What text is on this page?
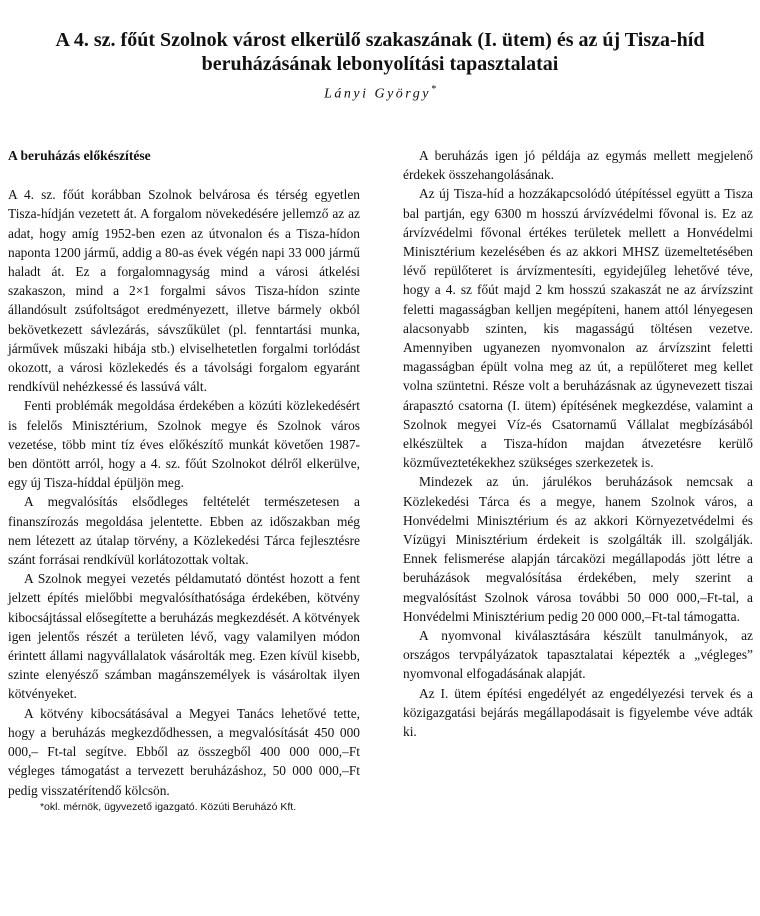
A 4. sz. főút Szolnok várost elkerülő szakaszának (I. ütem) és az új Tisza-híd beruházásának lebonyolítási tapasztalatai
Lányi György*
A beruházás előkészítése

A 4. sz. főút korábban Szolnok belvárosa és térség egyetlen Tisza-hídján vezetett át. A forgalom növekedésére jellemző az az adat, hogy amíg 1952-ben ezen az útvonalon és a Tisza-hídon naponta 1200 jármű, addig a 80-as évek végén napi 33 000 jármű haladt át. Ez a forgalomnagyság mind a városi átkelési szakaszon, mind a 2×1 forgalmi sávos Tisza-hídon szinte állandósult zsúfoltságot eredményezett, illetve bármely okból bekövetkezett sávlezárás, sávszűkület (pl. fenntartási munka, járművek műszaki hibája stb.) elviselhetetlen forgalmi torlódást okozott, a városi közlekedés és a távolsági forgalom egyaránt rendkívül nehézkessé és lassúvá vált.

Fenti problémák megoldása érdekében a közúti közlekedésért is felelős Minisztérium, Szolnok megye és Szolnok város vezetése, több mint tíz éves előkészítő munkát követően 1987-ben döntött arról, hogy a 4. sz. főút Szolnokot délről elkerülve, egy új Tisza-híddal épüljön meg.

A megvalósítás elsődleges feltételét természetesen a finanszírozás megoldása jelentette. Ebben az időszakban még nem létezett az útalap törvény, a Közlekedési Tárca fejlesztésre szánt forrásai rendkívül korlátozottak voltak.

A Szolnok megyei vezetés példamutató döntést hozott a fent jelzett építés mielőbbi megvalósíthatósága érdekében, kötvény kibocsájtással elősegítette a beruházás megkezdését. A kötvények igen jelentős részét a területen lévő, vagy valamilyen módon érintett állami nagyvállalatok vásárolták meg. Ezen kívül kisebb, szinte elenyésző számban magánszemélyek is vásároltak ilyen kötvényeket.

A kötvény kibocsátásával a Megyei Tanács lehetővé tette, hogy a beruházás megkezdődhessen, a megvalósítását 450 000 000,– Ft-tal segítve. Ebből az összegből 400 000 000,–Ft végleges támogatást a tervezett beruházáshoz, 50 000 000,–Ft pedig visszatérítendő kölcsön.

*okl. mérnök, ügyvezető igazgató. Közúti Beruházó Kft.

A beruházás igen jó példája az egymás mellett megjelenő érdekek összehangolásának.

Az új Tisza-híd a hozzákapcsolódó útépítéssel együtt a Tisza bal partján, egy 6300 m hosszú árvízvédelmi fővonal is. Ez az árvízvédelmi fővonal értékes területek mellett a Honvédelmi Minisztérium kezelésében és az akkori MHSZ üzemeltetésében lévő repülőteret is árvízmentesíti, egyidejűleg lehetővé téve, hogy a 4. sz főút majd 2 km hosszú szakaszát ne az árvízszint feletti magasságban kelljen megépíteni, hanem attól lényegesen alacsonyabb szinten, kis magasságú töltésen vezetve. Amennyiben ugyanezen nyomvonalon az árvízszint feletti magasságban épült volna meg az út, a repülőteret meg kellet volna szüntetni. Része volt a beruházásnak az úgynevezett tiszai árapasztó csatorna (I. ütem) építésének megkezdése, valamint a Szolnok megyei Víz-és Csatornamű Vállalat megbízásából elkészültek a Tisza-hídon majdan átvezetésre kerülő közműveztetékekhez szükséges szerkezetek is.

Mindezek az ún. járulékos beruházások nemcsak a Közlekedési Tárca és a megye, hanem Szolnok város, a Honvédelmi Minisztérium és az akkori Környezetvédelmi és Vízügyi Minisztérium érdekeit is szolgálták ill. szolgálják. Ennek felismerése alapján tárcaközi megállapodás jött létre a beruházások megvalósítása érdekében, mely szerint a megvalósítást Szolnok városa további 50 000 000,–Ft-tal, a Honvédelmi Minisztérium pedig 20 000 000,–Ft-tal támogatta.

A nyomvonal kiválasztására készült tanulmányok, az országos tervpályázatok tapasztalatai képezték a „végleges” nyomvonal elfogadásának alapját.

Az I. ütem építési engedélyét az engedélyezési tervek és a közigazgatási bejárás megállapodásait is figyelembe véve adták ki.
